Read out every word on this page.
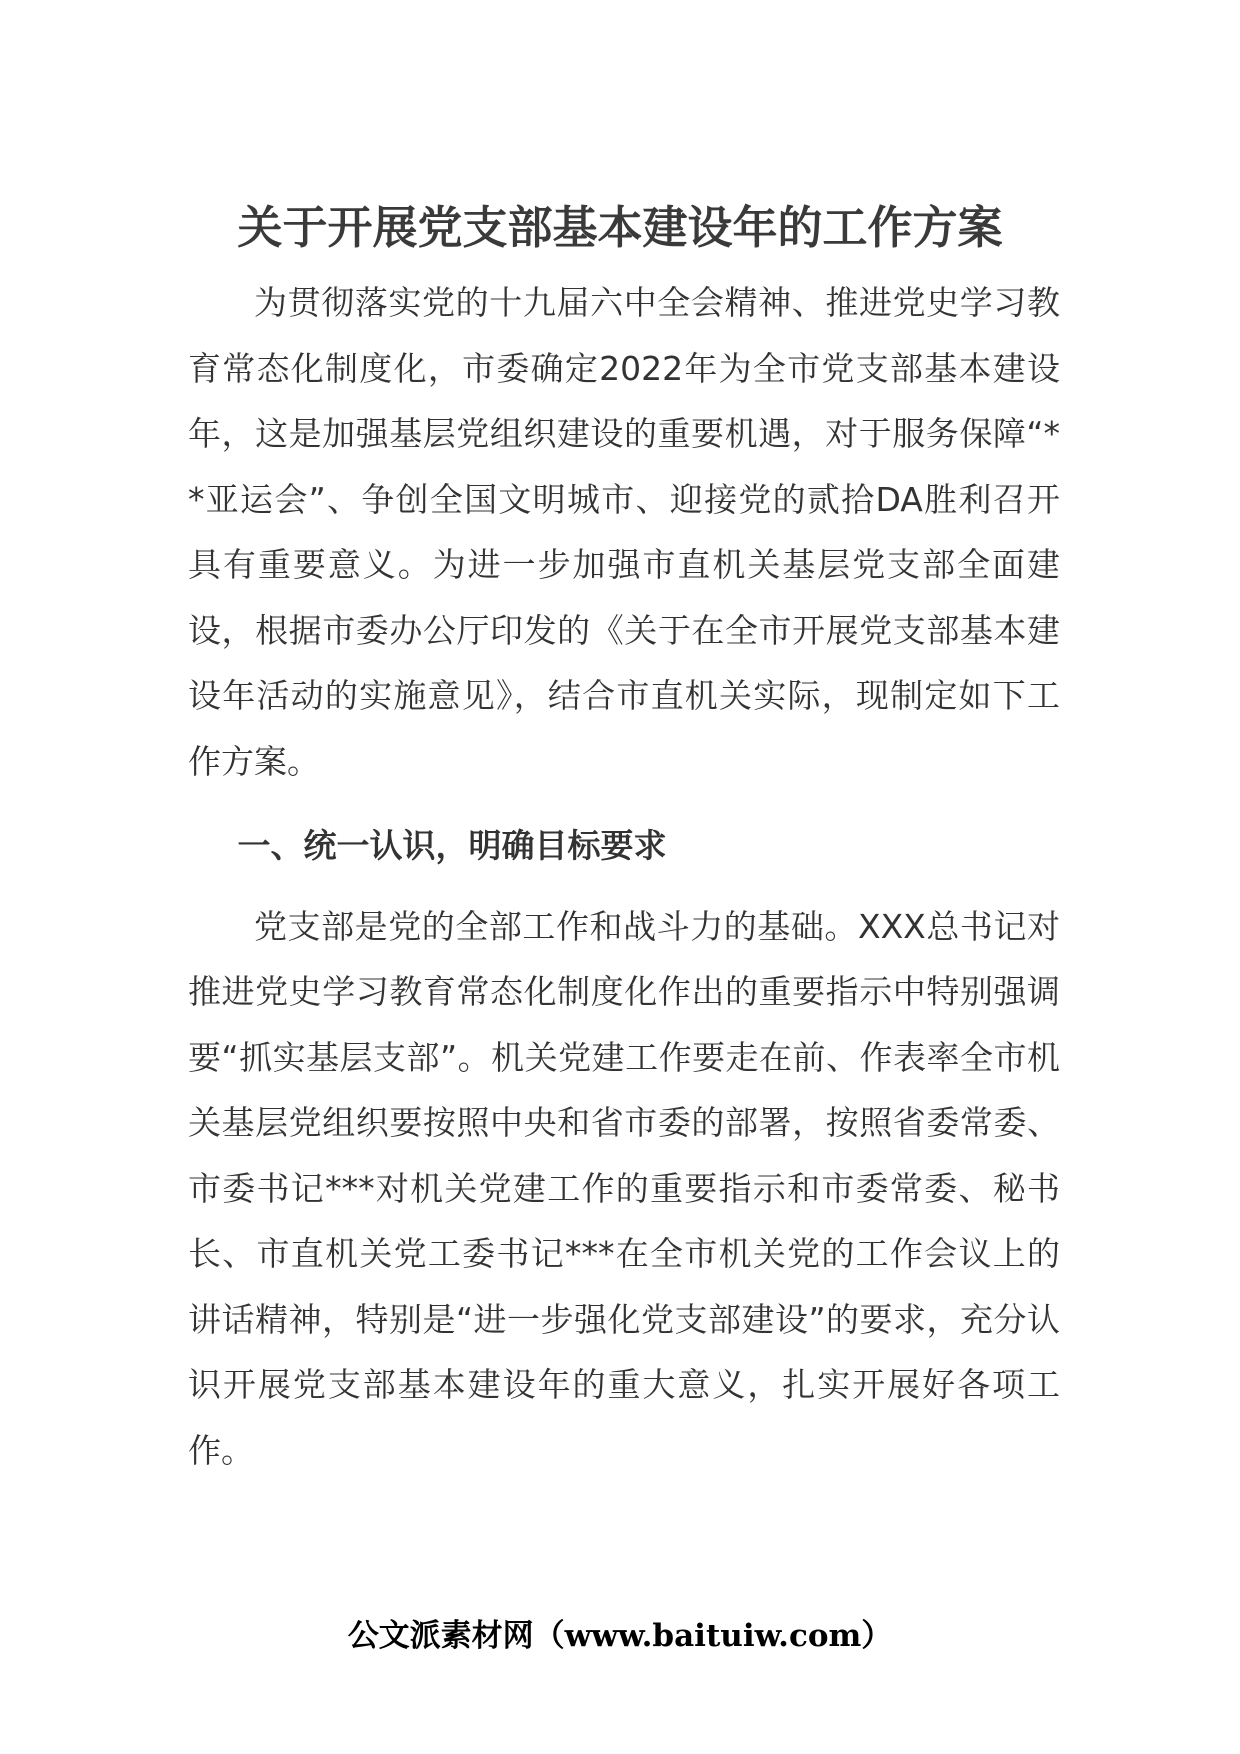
关于开展党支部基本建设年的工作方案

为贯彻落实党的十九届六中全会精神、推进党史学习教育常态化制度化，市委确定2022年为全市党支部基本建设年，这是加强基层党组织建设的重要机遇，对于服务保障“**亚运会”、争创全国文明城市、迎接党的贰拾DA胜利召开具有重要意义。为进一步加强市直机关基层党支部全面建设，根据市委办公厅印发的《关于在全市开展党支部基本建设年活动的实施意见》，结合市直机关实际，现制定如下工作方案。

一、统一认识，明确目标要求

党支部是党的全部工作和战斗力的基础。XXX总书记对推进党史学习教育常态化制度化作出的重要指示中特别强调要“抓实基层支部”。机关党建工作要走在前、作表率全市机关基层党组织要按照中央和省市委的部署，按照省委常委、市委书记***对机关党建工作的重要指示和市委常委、秘书长、市直机关党工委书记***在全市机关党的工作会议上的讲话精神，特别是“进一步强化党支部建设”的要求，充分认识开展党支部基本建设年的重大意义，扎实开展好各项工作。

公文派素材网（www.baituiw.com）
